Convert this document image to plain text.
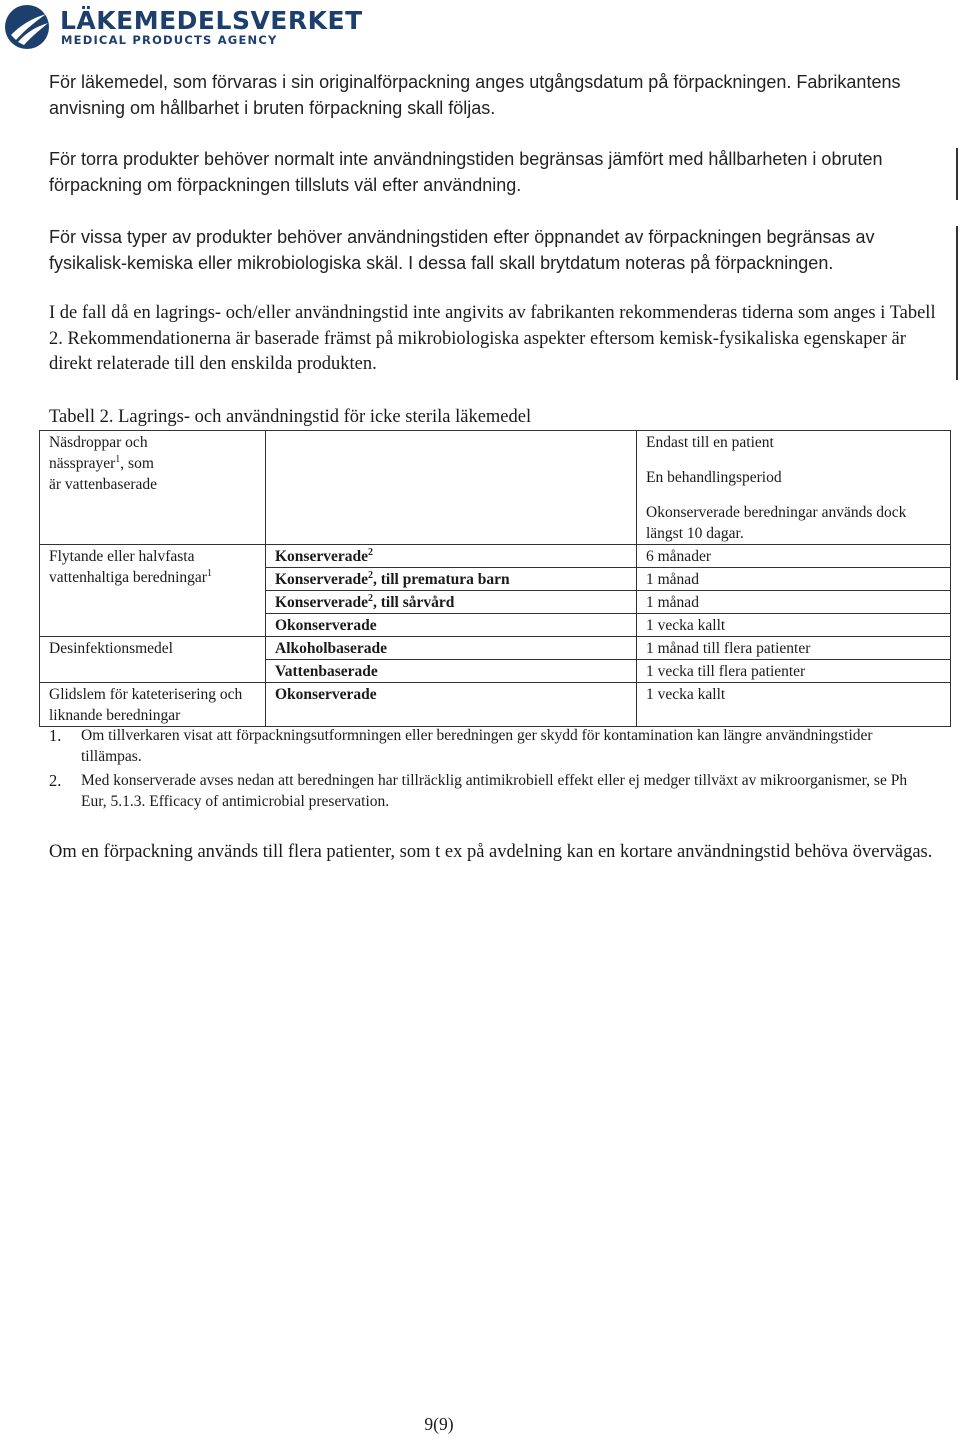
LÄKEMEDELSVERKET
MEDICAL PRODUCTS AGENCY

För läkemedel, som förvaras i sin originalförpackning anges utgångsdatum på förpackningen. Fabrikantens anvisning om hållbarhet i bruten förpackning skall följas.

För torra produkter behöver normalt inte användningstiden begränsas jämfört med hållbarheten i obruten förpackning om förpackningen tillsluts väl efter användning.

För vissa typer av produkter behöver användningstiden efter öppnandet av förpackningen begränsas av fysikalisk-kemiska eller mikrobiologiska skäl. I dessa fall skall brytdatum noteras på förpackningen.

I de fall då en lagrings- och/eller användningstid inte angivits av fabrikanten rekommenderas tiderna som anges i Tabell 2. Rekommendationerna är baserade främst på mikrobiologiska aspekter eftersom kemisk-fysikaliska egenskaper är direkt relaterade till den enskilda produkten.

Tabell 2. Lagrings- och användningstid för icke sterila läkemedel

Näsdroppar och
nässprayer$^1$, som
är vattenbaserade		Endast till en patient
En behandlingsperiod
Okonserverade beredningar används dock längst 10 dagar.

Flytande eller halvfasta vattenhaltiga beredningar$^1$	Konserverade$^2$	6 månader
	Konserverade$^2$, till prematura barn	1 månad
	Konserverade$^2$, till sårvård	1 månad
	Okonserverade	1 vecka kallt
Desinfektionsmedel	Alkoholbaserade	1 månad till flera patienter
	Vattenbaserade	1 vecka till flera patienter
Glidslem för kateterisering och liknande beredningar	Okonserverade	1 vecka kallt
1. Om tillverkaren visat att förpackningsutformningen eller beredningen ger skydd för kontamination kan längre användningstider tillämpas.
2. Med konserverade avses nedan att beredningen har tillräcklig antimikrobiell effekt eller ej medger tillväxt av mikroorganismer, se Ph Eur, 5.1.3. Efficacy of antimicrobial preservation.

Om en förpackning används till flera patienter, som t ex på avdelning kan en kortare användningstid behöva övervägas.

9(9)
